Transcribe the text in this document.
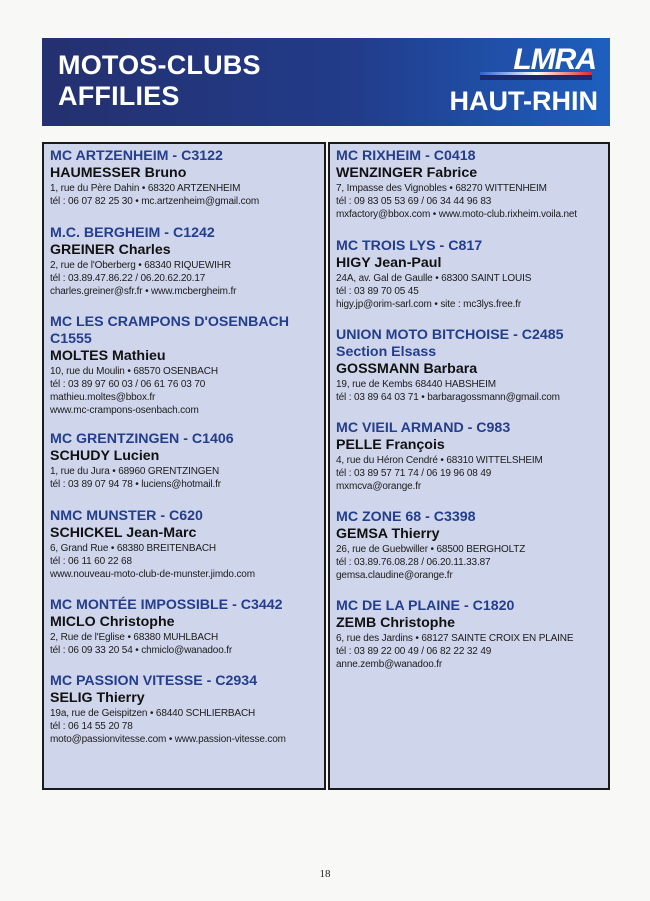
MOTOS-CLUBS
AFFILIES
LMRA
HAUT-RHIN
MC ARTZENHEIM - C3122
HAUMESSER Bruno
1, rue du Père Dahin • 68320 ARTZENHEIM
tél : 06 07 82 25 30 • mc.artzenheim@gmail.com
M.C. BERGHEIM - C1242
GREINER Charles
2, rue de l'Oberberg • 68340 RIQUEWIHR
tél : 03.89.47.86.22 / 06.20.62.20.17
charles.greiner@sfr.fr • www.mcbergheim.fr
MC LES CRAMPONS D'OSENBACH C1555
MOLTES Mathieu
10, rue du Moulin • 68570 OSENBACH
tél : 03 89 97 60 03 / 06 61 76 03 70
mathieu.moltes@bbox.fr
www.mc-crampons-osenbach.com
MC GRENTZINGEN - C1406
SCHUDY Lucien
1, rue du Jura • 68960 GRENTZINGEN
tél : 03 89 07 94 78 • luciens@hotmail.fr
NMC MUNSTER - C620
SCHICKEL Jean-Marc
6, Grand Rue • 68380 BREITENBACH
tél : 06 11 60 22 68
www.nouveau-moto-club-de-munster.jimdo.com
MC MONTÉE IMPOSSIBLE - C3442
MICLO Christophe
2, Rue de l'Eglise • 68380 MUHLBACH
tél : 06 09 33 20 54 • chmiclo@wanadoo.fr
MC PASSION VITESSE - C2934
SELIG Thierry
19a, rue de Geispitzen • 68440 SCHLIERBACH
tél : 06 14 55 20 78
moto@passionvitesse.com • www.passion-vitesse.com
MC RIXHEIM - C0418
WENZINGER Fabrice
7, Impasse des Vignobles • 68270 WITTENHEIM
tél : 09 83 05 53 69 / 06 34 44 96 83
mxfactory@bbox.com • www.moto-club.rixheim.voila.net
MC TROIS LYS - C817
HIGY Jean-Paul
24A, av. Gal de Gaulle • 68300 SAINT LOUIS
tél : 03 89 70 05 45
higy.jp@orim-sarl.com • site : mc3lys.free.fr
UNION MOTO BITCHOISE - C2485 Section Elsass
GOSSMANN Barbara
19, rue de Kembs 68440 HABSHEIM
tél : 03 89 64 03 71 • barbaragossmann@gmail.com
MC VIEIL ARMAND - C983
PELLE François
4, rue du Héron Cendré • 68310 WITTELSHEIM
tél : 03 89 57 71 74 / 06 19 96 08 49
mxmcva@orange.fr
MC ZONE 68 - C3398
GEMSA Thierry
26, rue de Guebwiller • 68500 BERGHOLTZ
tél : 03.89.76.08.28 / 06.20.11.33.87
gemsa.claudine@orange.fr
MC DE LA PLAINE - C1820
ZEMB Christophe
6, rue des Jardins • 68127 SAINTE CROIX EN PLAINE
tél : 03 89 22 00 49 / 06 82 22 32 49
anne.zemb@wanadoo.fr
18
